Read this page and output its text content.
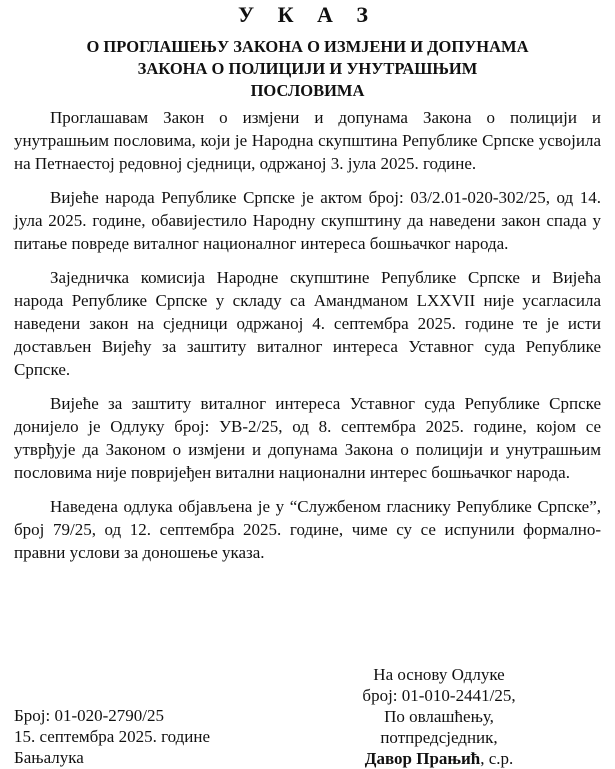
У К А З
О ПРОГЛАШЕЊУ ЗАКОНА О ИЗМЈЕНИ И ДОПУНАМА
ЗАКОНА О ПОЛИЦИЈИ И УНУТРАШЊИМ
ПОСЛОВИМА

Проглашавам Закон о измјени и допунама Закона о полицији и унутрашњим пословима, који је Народна скупштина Републике Српске усвојила на Петнаестој редовној сједници, одржаној 3. јула 2025. године.

Вијеће народа Републике Српске је актом број: 03/2.01-020-302/25, од 14. јула 2025. године, обавијестило Народну скупштину да наведени закон спада у питање повреде виталног националног интереса бошњачког народа.

Заједничка комисија Народне скупштине Републике Српске и Вијећа народа Републике Српске у складу са Амандманом LXXVII није усагласила наведени закон на сједници одржаној 4. септембра 2025. године те је исти достављен Вијећу за заштиту виталног интереса Уставног суда Републике Српске.

Вијеће за заштиту виталног интереса Уставног суда Републике Српске донијело је Одлуку број: УВ-2/25, од 8. септембра 2025. године, којом се утврђује да Законом о измјени и допунама Закона о полицији и унутрашњим пословима није повријеђен витални национални интерес бошњачког народа.

Наведена одлука објављена је у “Службеном гласнику Републике Српске”, број 79/25, од 12. септембра 2025. године, чиме су се испунили формално-правни услови за доношење указа.

Број: 01-020-2790/25
15. септембра 2025. године
Бањалука
На основу Одлуке
број: 01-010-2441/25,
По овлашћењу,
потпредсједник,
Давор Прањић, с.р.
